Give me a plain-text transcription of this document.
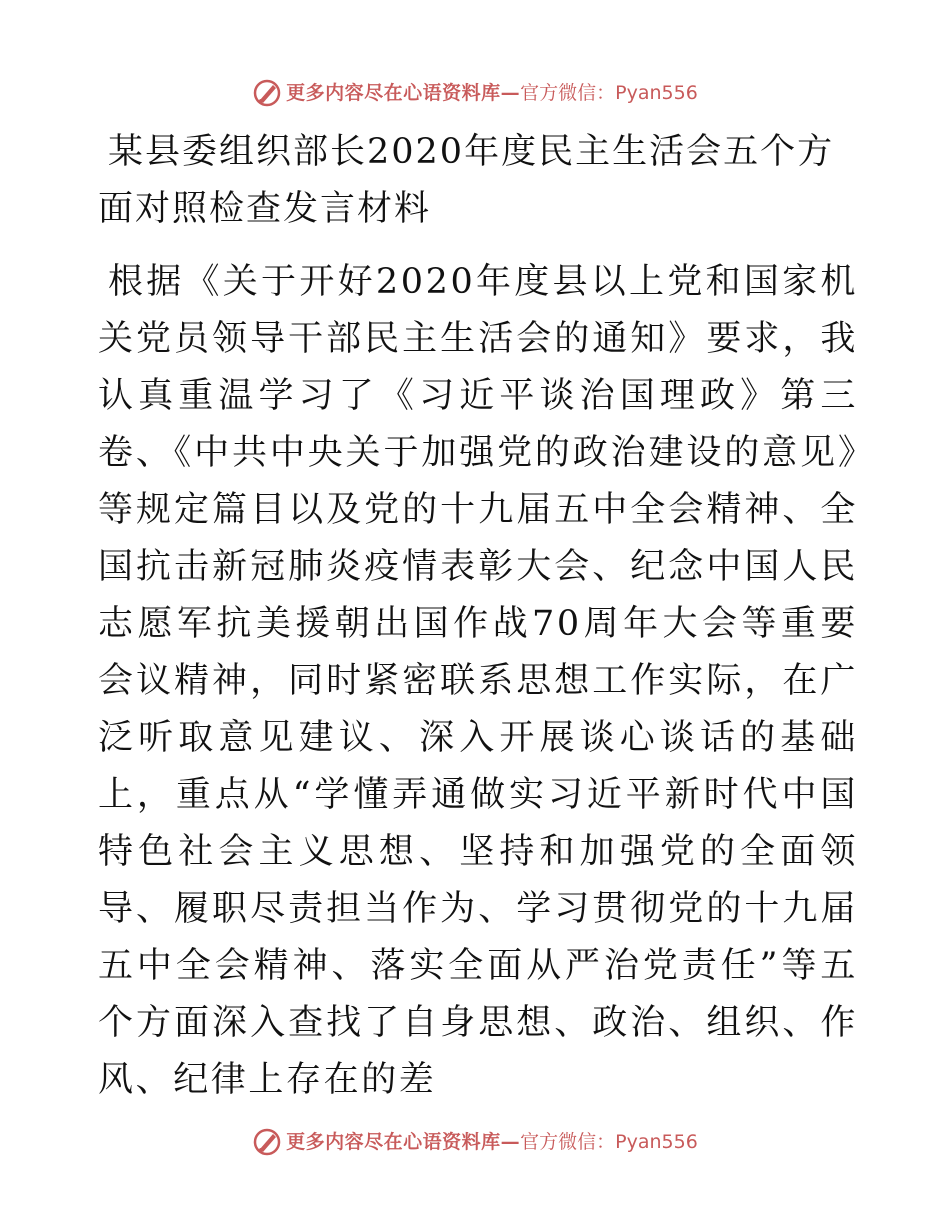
更多内容尽在心语资料库—官方微信：Pyan556
某县委组织部长2020年度民主生活会五个方面对照检查发言材料

根据《关于开好2020年度县以上党和国家机关党员领导干部民主生活会的通知》要求，我认真重温学习了《习近平谈治国理政》第三卷、《中共中央关于加强党的政治建设的意见》等规定篇目以及党的十九届五中全会精神、全国抗击新冠肺炎疫情表彰大会、纪念中国人民志愿军抗美援朝出国作战70周年大会等重要会议精神，同时紧密联系思想工作实际，在广泛听取意见建议、深入开展谈心谈话的基础上，重点从“学懂弄通做实习近平新时代中国特色社会主义思想、坚持和加强党的全面领导、履职尽责担当作为、学习贯彻党的十九届五中全会精神、落实全面从严治党责任”等五个方面深入查找了自身思想、政治、组织、作风、纪律上存在的差

更多内容尽在心语资料库—官方微信：Pyan556
